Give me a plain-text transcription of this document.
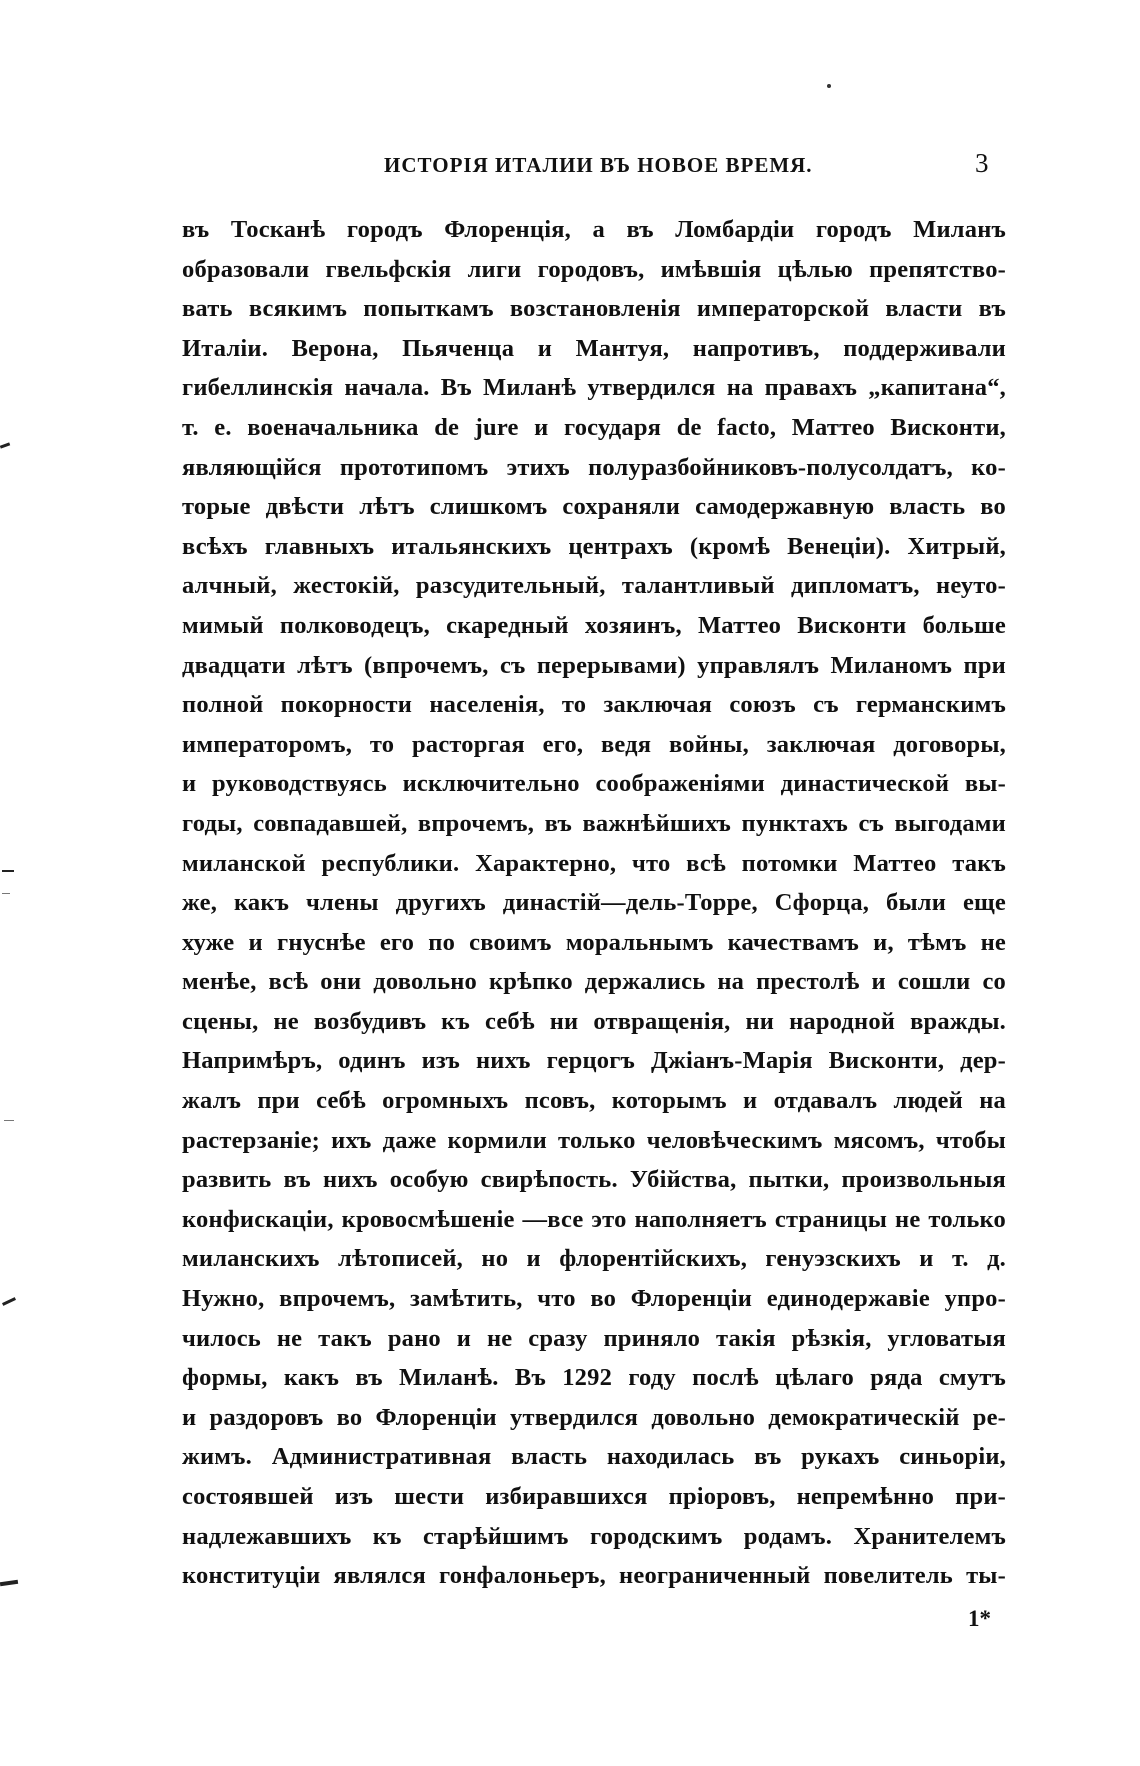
ИСТОРІЯ ИТАЛИИ ВЪ НОВОЕ ВРЕМЯ.	3
въ Тосканѣ городъ Флоренція, а въ Ломбардіи городъ Миланъ
образовали гвельфскія лиги городовъ, имѣвшія цѣлью препятство-
вать всякимъ попыткамъ возстановленія императорской власти въ
Италіи. Верона, Пьяченца и Мантуя, напротивъ, поддерживали
гибеллинскія начала. Въ Миланѣ утвердился на правахъ „капитана“,
т. е. военачальника de jure и государя de facto, Маттео Висконти,
являющійся прототипомъ этихъ полуразбойниковъ-полусолдатъ, ко-
торые двѣсти лѣтъ слишкомъ сохраняли самодержавную власть во
всѣхъ главныхъ итальянскихъ центрахъ (кромѣ Венеціи). Хитрый,
алчный, жестокій, разсудительный, талантливый дипломатъ, неуто-
мимый полководецъ, скаредный хозяинъ, Маттео Висконти больше
двадцати лѣтъ (впрочемъ, съ перерывами) управлялъ Миланомъ при
полной покорности населенія, то заключая союзъ съ германскимъ
императоромъ, то расторгая его, ведя войны, заключая договоры,
и руководствуясь исключительно соображеніями династической вы-
годы, совпадавшей, впрочемъ, въ важнѣйшихъ пунктахъ съ выгодами
миланской республики. Характерно, что всѣ потомки Маттео такъ
же, какъ члены другихъ династій—дель-Торре, Сфорца, были еще
хуже и гнуснѣе его по своимъ моральнымъ качествамъ и, тѣмъ не
менѣе, всѣ они довольно крѣпко держались на престолѣ и сошли со
сцены, не возбудивъ къ себѣ ни отвращенія, ни народной вражды.
Напримѣръ, одинъ изъ нихъ герцогъ Джіанъ-Марія Висконти, дер-
жалъ при себѣ огромныхъ псовъ, которымъ и отдавалъ людей на
растерзаніе; ихъ даже кормили только человѣческимъ мясомъ, чтобы
развить въ нихъ особую свирѣпость. Убійства, пытки, произвольныя
конфискаціи, кровосмѣшеніе —все это наполняетъ страницы не только
миланскихъ лѣтописей, но и флорентійскихъ, генуэзскихъ и т. д.
Нужно, впрочемъ, замѣтить, что во Флоренціи единодержавіе упро-
чилось не такъ рано и не сразу приняло такія рѣзкія, угловатыя
формы, какъ въ Миланѣ. Въ 1292 году послѣ цѣлаго ряда смутъ
и раздоровъ во Флоренціи утвердился довольно демократическій ре-
жимъ. Административная власть находилась въ рукахъ синьоріи,
состоявшей изъ шести избиравшихся пріоровъ, непремѣнно при-
надлежавшихъ къ старѣйшимъ городскимъ родамъ. Хранителемъ
конституціи являлся гонфалоньеръ, неограниченный повелитель ты-
1*
